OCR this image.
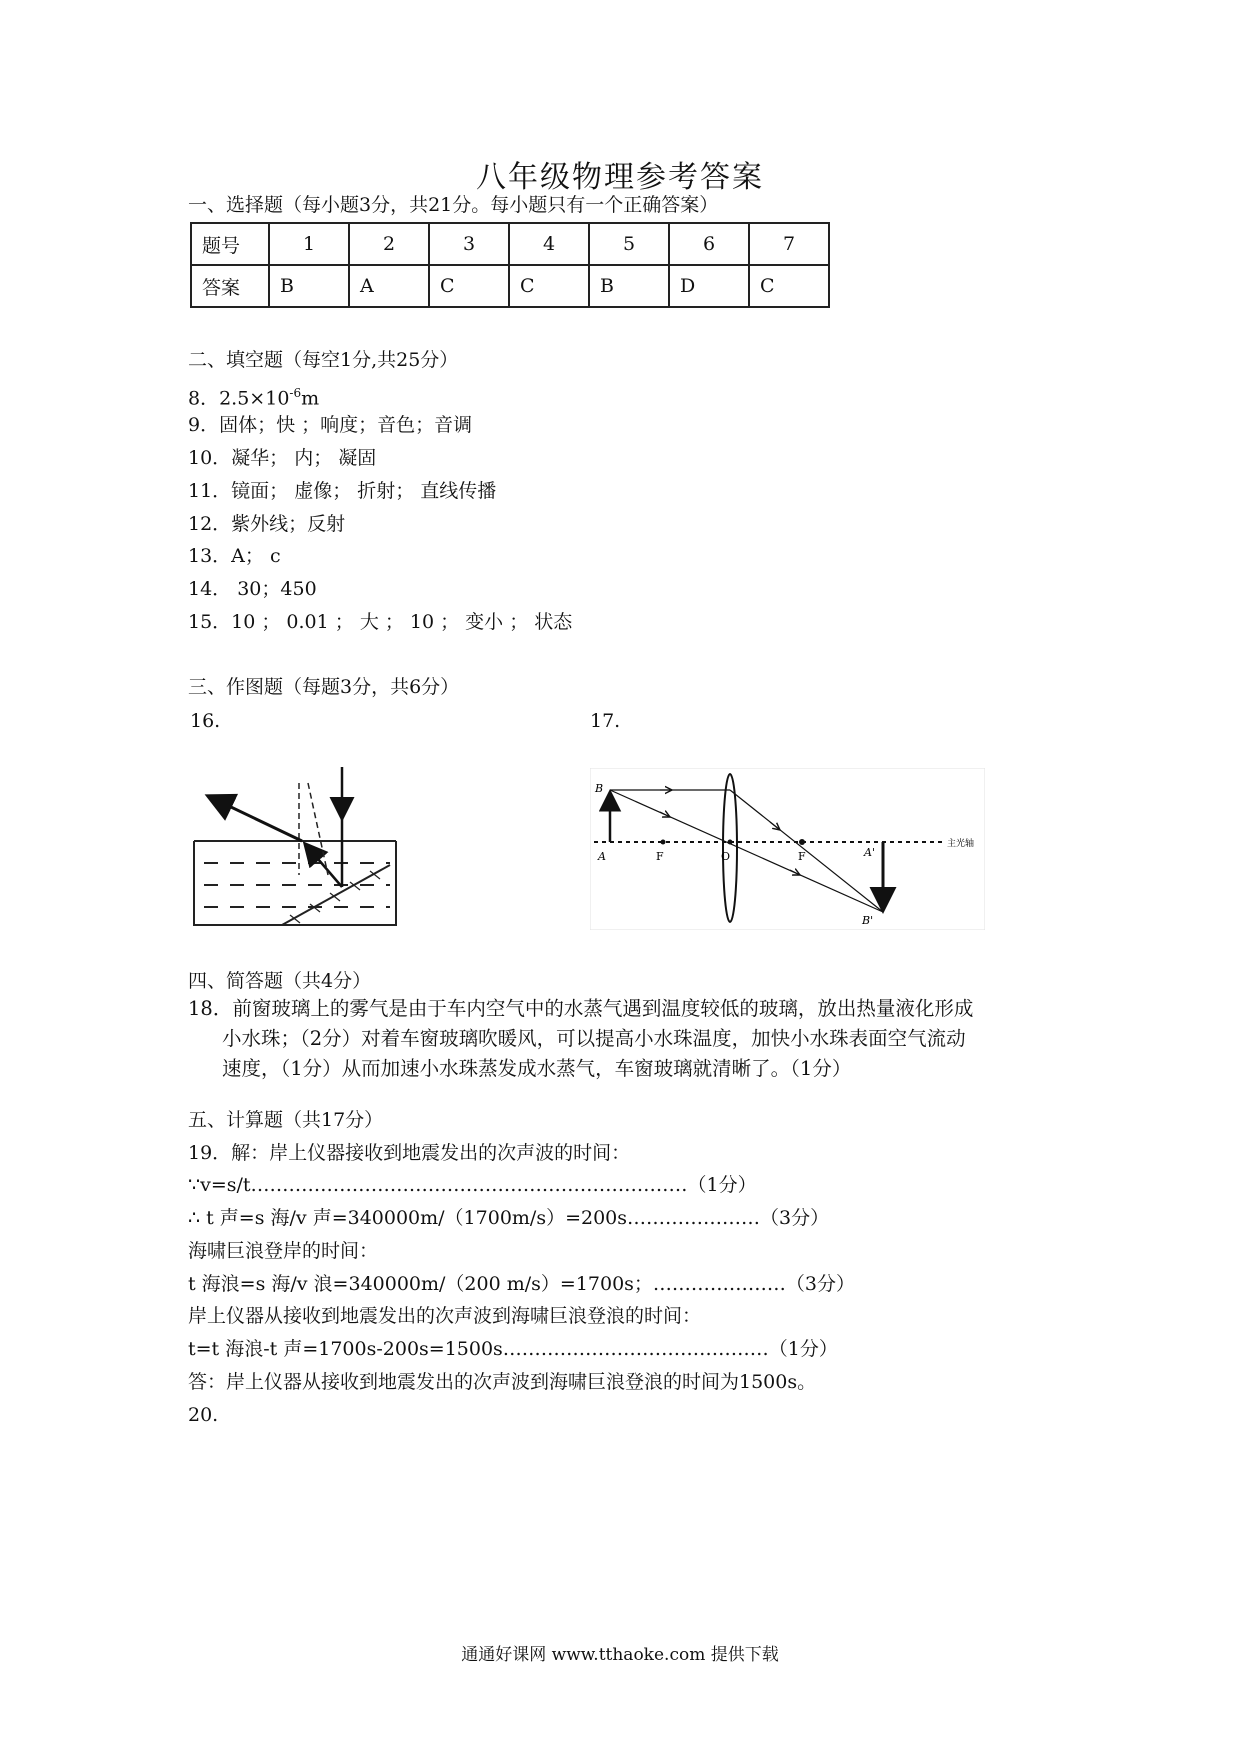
八年级物理参考答案
一、选择题（每小题3分，共21分。每小题只有一个正确答案）
题号	1	2	3	4	5	6	7
答案	B	A	C	C	B	D	C
二、填空题（每空1分,共25分）
8．$2.5\times 10^{-6}m$
9．固体；快 ；响度；音色；音调
10．凝华； 内； 凝固
11．镜面； 虚像； 折射； 直线传播
12．紫外线；反射
13．A； c
14． 30；450
15．10 ； 0.01 ； 大 ； 10 ； 变小 ； 状态
三、作图题（每题3分，共6分）
16.	17.
B
A	F	O	F	A'
B'
主光轴
四、简答题（共4分）
18．前窗玻璃上的雾气是由于车内空气中的水蒸气遇到温度较低的玻璃，放出热量液化形成
小水珠；（2分）对着车窗玻璃吹暖风，可以提高小水珠温度，加快小水珠表面空气流动
速度，（1分）从而加速小水珠蒸发成水蒸气，车窗玻璃就清晰了。（1分）
五、计算题（共17分）
19．解：岸上仪器接收到地震发出的次声波的时间：
∵v=s/t……………………………………………………………（1分）
∴ t 声=s 海/v 声=340000m/（1700m/s）=200s…………………（3分）
海啸巨浪登岸的时间：
t 海浪=s 海/v 浪=340000m/（200 m/s）=1700s；…………………（3分）
岸上仪器从接收到地震发出的次声波到海啸巨浪登浪的时间：
t=t 海浪-t 声=1700s-200s=1500s……………………………………（1分）
答：岸上仪器从接收到地震发出的次声波到海啸巨浪登浪的时间为1500s。
20.
通通好课网 www.tthaoke.com 提供下载
